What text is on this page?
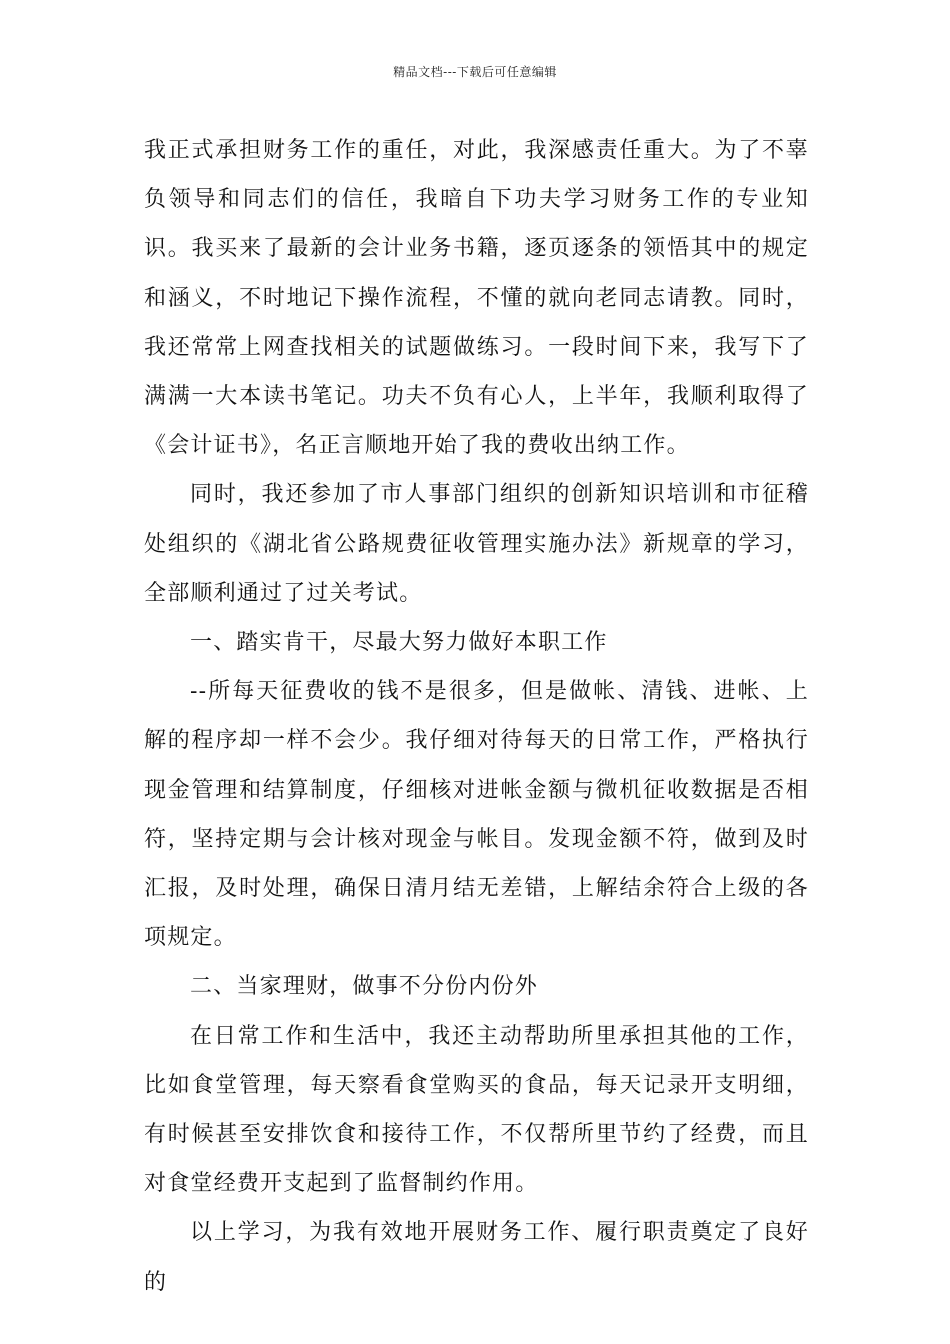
精品文档---下载后可任意编辑

我正式承担财务工作的重任，对此，我深感责任重大。为了不辜负领导和同志们的信任，我暗自下功夫学习财务工作的专业知识。我买来了最新的会计业务书籍，逐页逐条的领悟其中的规定和涵义，不时地记下操作流程，不懂的就向老同志请教。同时，我还常常上网查找相关的试题做练习。一段时间下来，我写下了满满一大本读书笔记。功夫不负有心人，上半年，我顺利取得了《会计证书》，名正言顺地开始了我的费收出纳工作。

同时，我还参加了市人事部门组织的创新知识培训和市征稽处组织的《湖北省公路规费征收管理实施办法》新规章的学习，全部顺利通过了过关考试。

一、踏实肯干，尽最大努力做好本职工作

--所每天征费收的钱不是很多，但是做帐、清钱、进帐、上解的程序却一样不会少。我仔细对待每天的日常工作，严格执行现金管理和结算制度，仔细核对进帐金额与微机征收数据是否相符，坚持定期与会计核对现金与帐目。发现金额不符，做到及时汇报，及时处理，确保日清月结无差错，上解结余符合上级的各项规定。

二、当家理财，做事不分份内份外

在日常工作和生活中，我还主动帮助所里承担其他的工作，比如食堂管理，每天察看食堂购买的食品，每天记录开支明细，有时候甚至安排饮食和接待工作，不仅帮所里节约了经费，而且对食堂经费开支起到了监督制约作用。

以上学习，为我有效地开展财务工作、履行职责奠定了良好的
